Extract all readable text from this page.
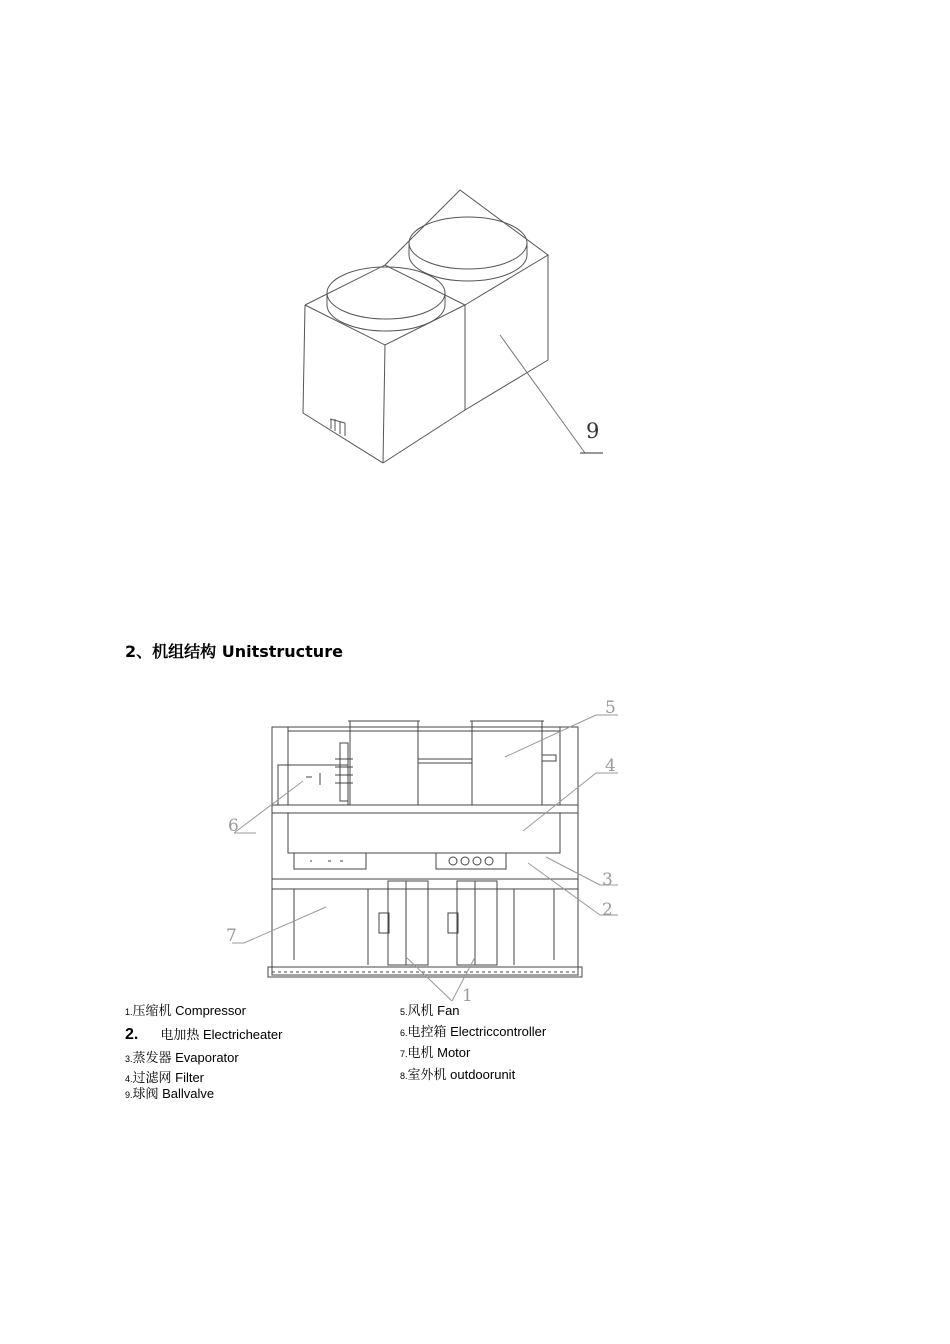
9
2、机组结构 Unitstructure
5
4
6
3
2
7
1
1.压缩机 Compressor
2. 电加热 Electricheater
3.蒸发器 Evaporator
4.过滤网 Filter
9.球阀 Ballvalve
5.风机 Fan
6.电控箱 Electriccontroller
7.电机 Motor
8.室外机 outdoorunit
